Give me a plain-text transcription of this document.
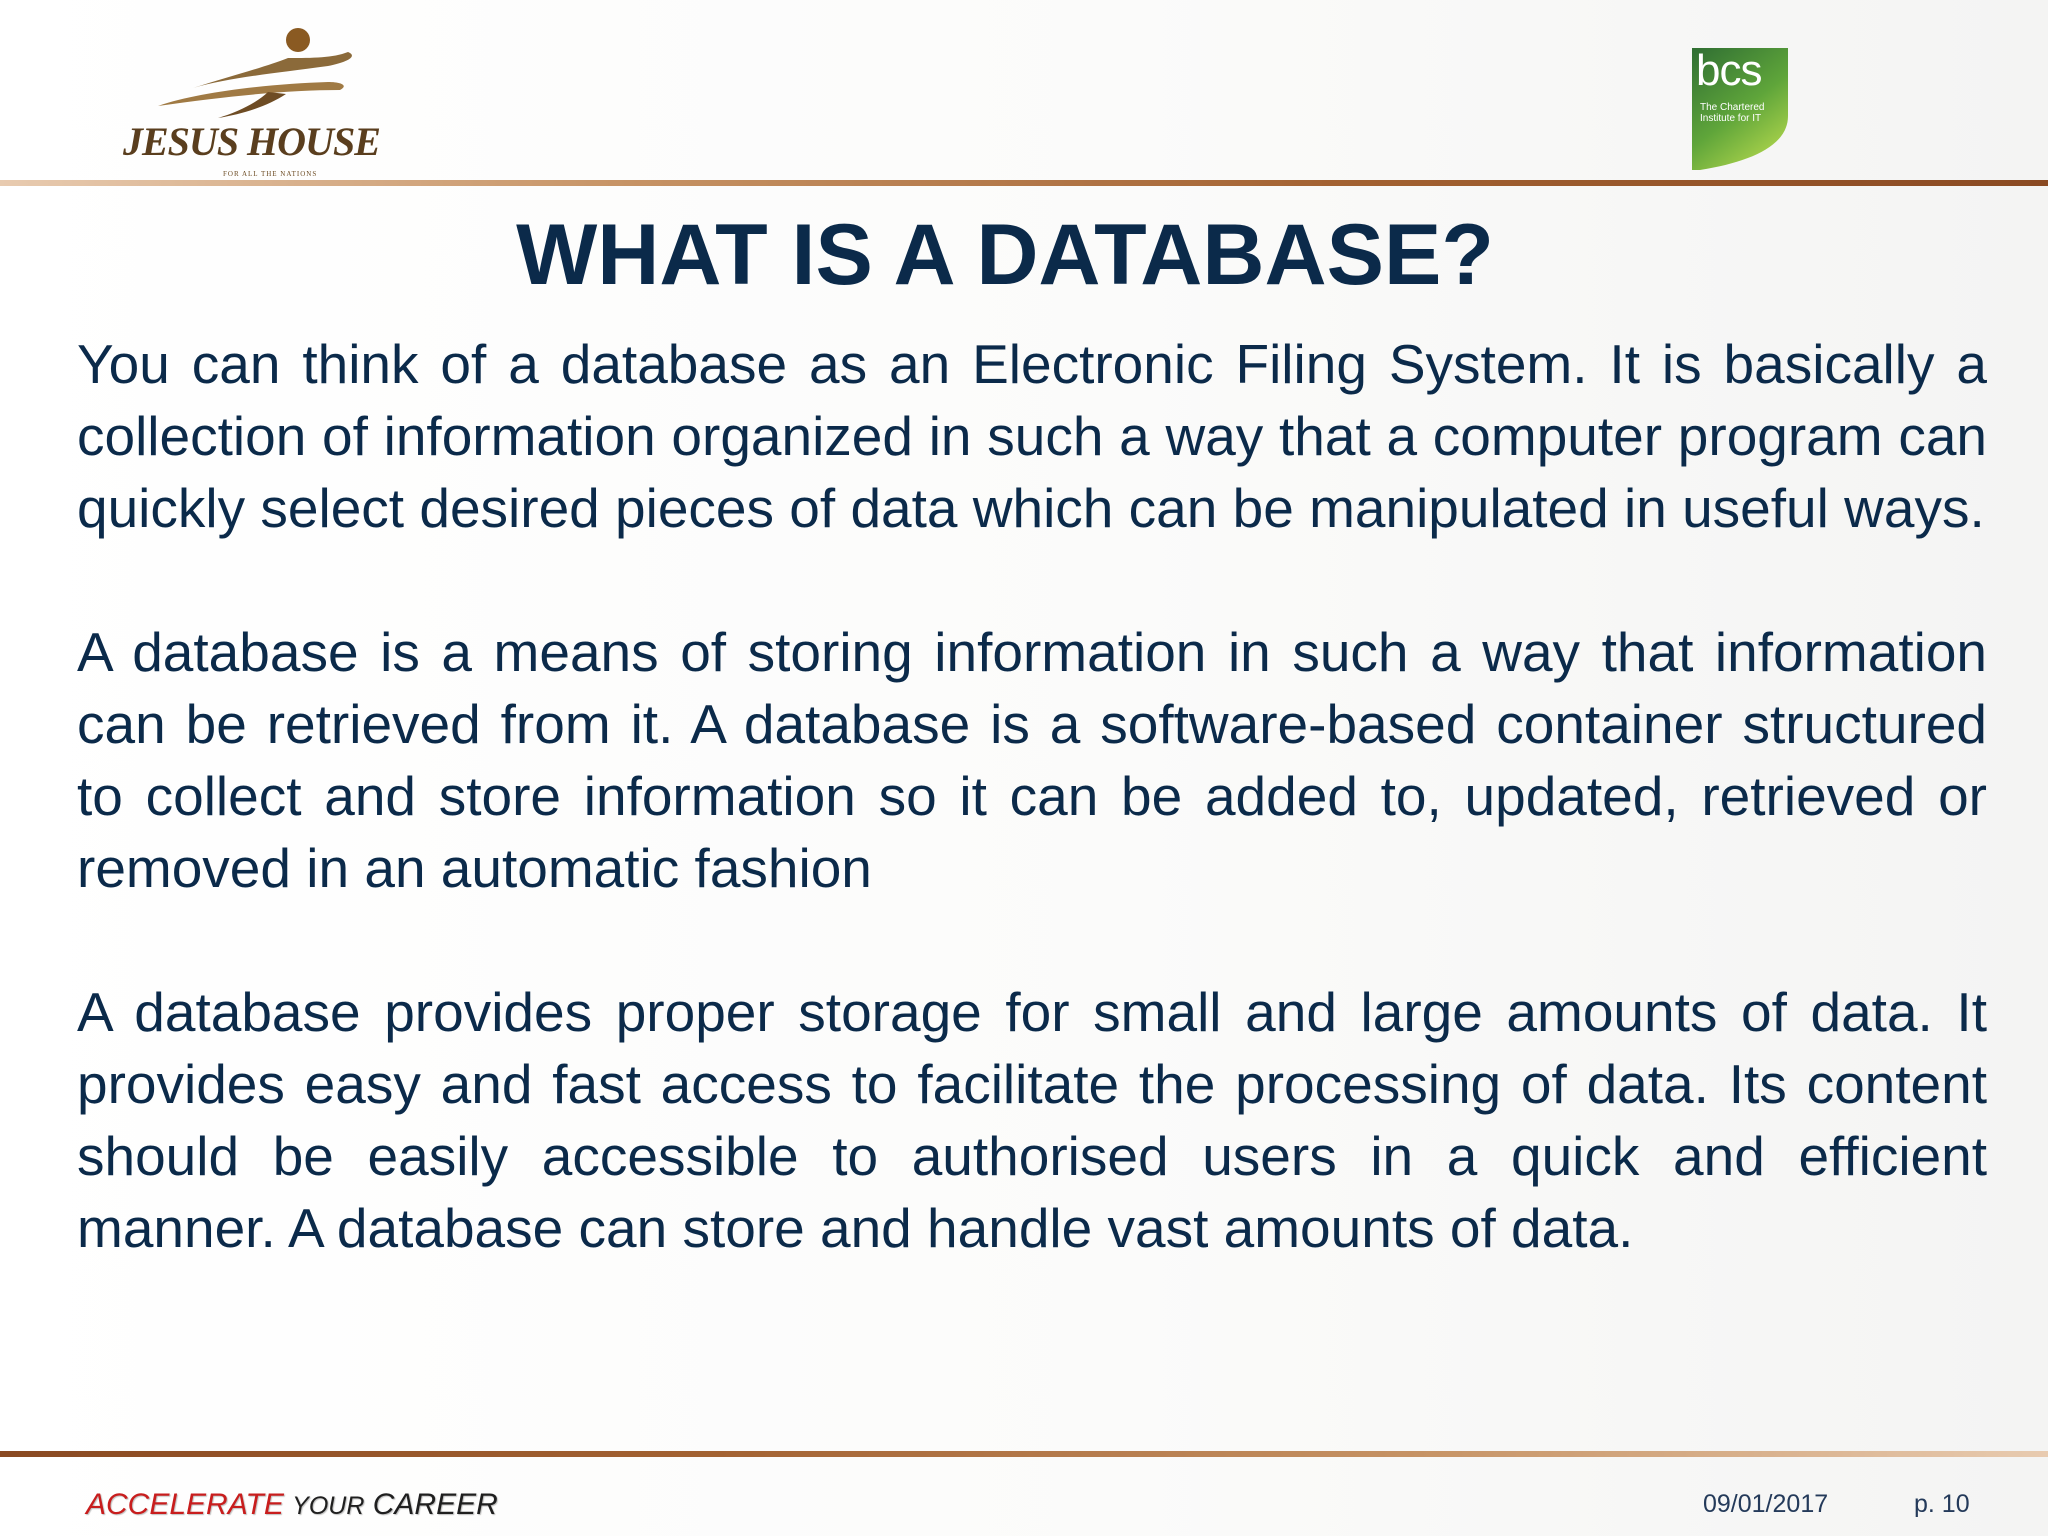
JESUS HOUSE
FOR ALL THE NATIONS
bcs
The Chartered Institute for IT
WHAT IS A DATABASE?

You can think of a database as an Electronic Filing System. It is basically a collection of information organized in such a way that a computer program can quickly select desired pieces of data which can be manipulated in useful ways.

A database is a means of storing information in such a way that information can be retrieved from it. A database is a software-based container structured to collect and store information so it can be added to, updated, retrieved or removed in an automatic fashion

A database provides proper storage for small and large amounts of data. It provides easy and fast access to facilitate the processing of data. Its content should be easily accessible to authorised users in a quick and efficient manner. A database can store and handle vast amounts of data.

ACCELERATE YOUR CAREER	09/01/2017	p. 10
